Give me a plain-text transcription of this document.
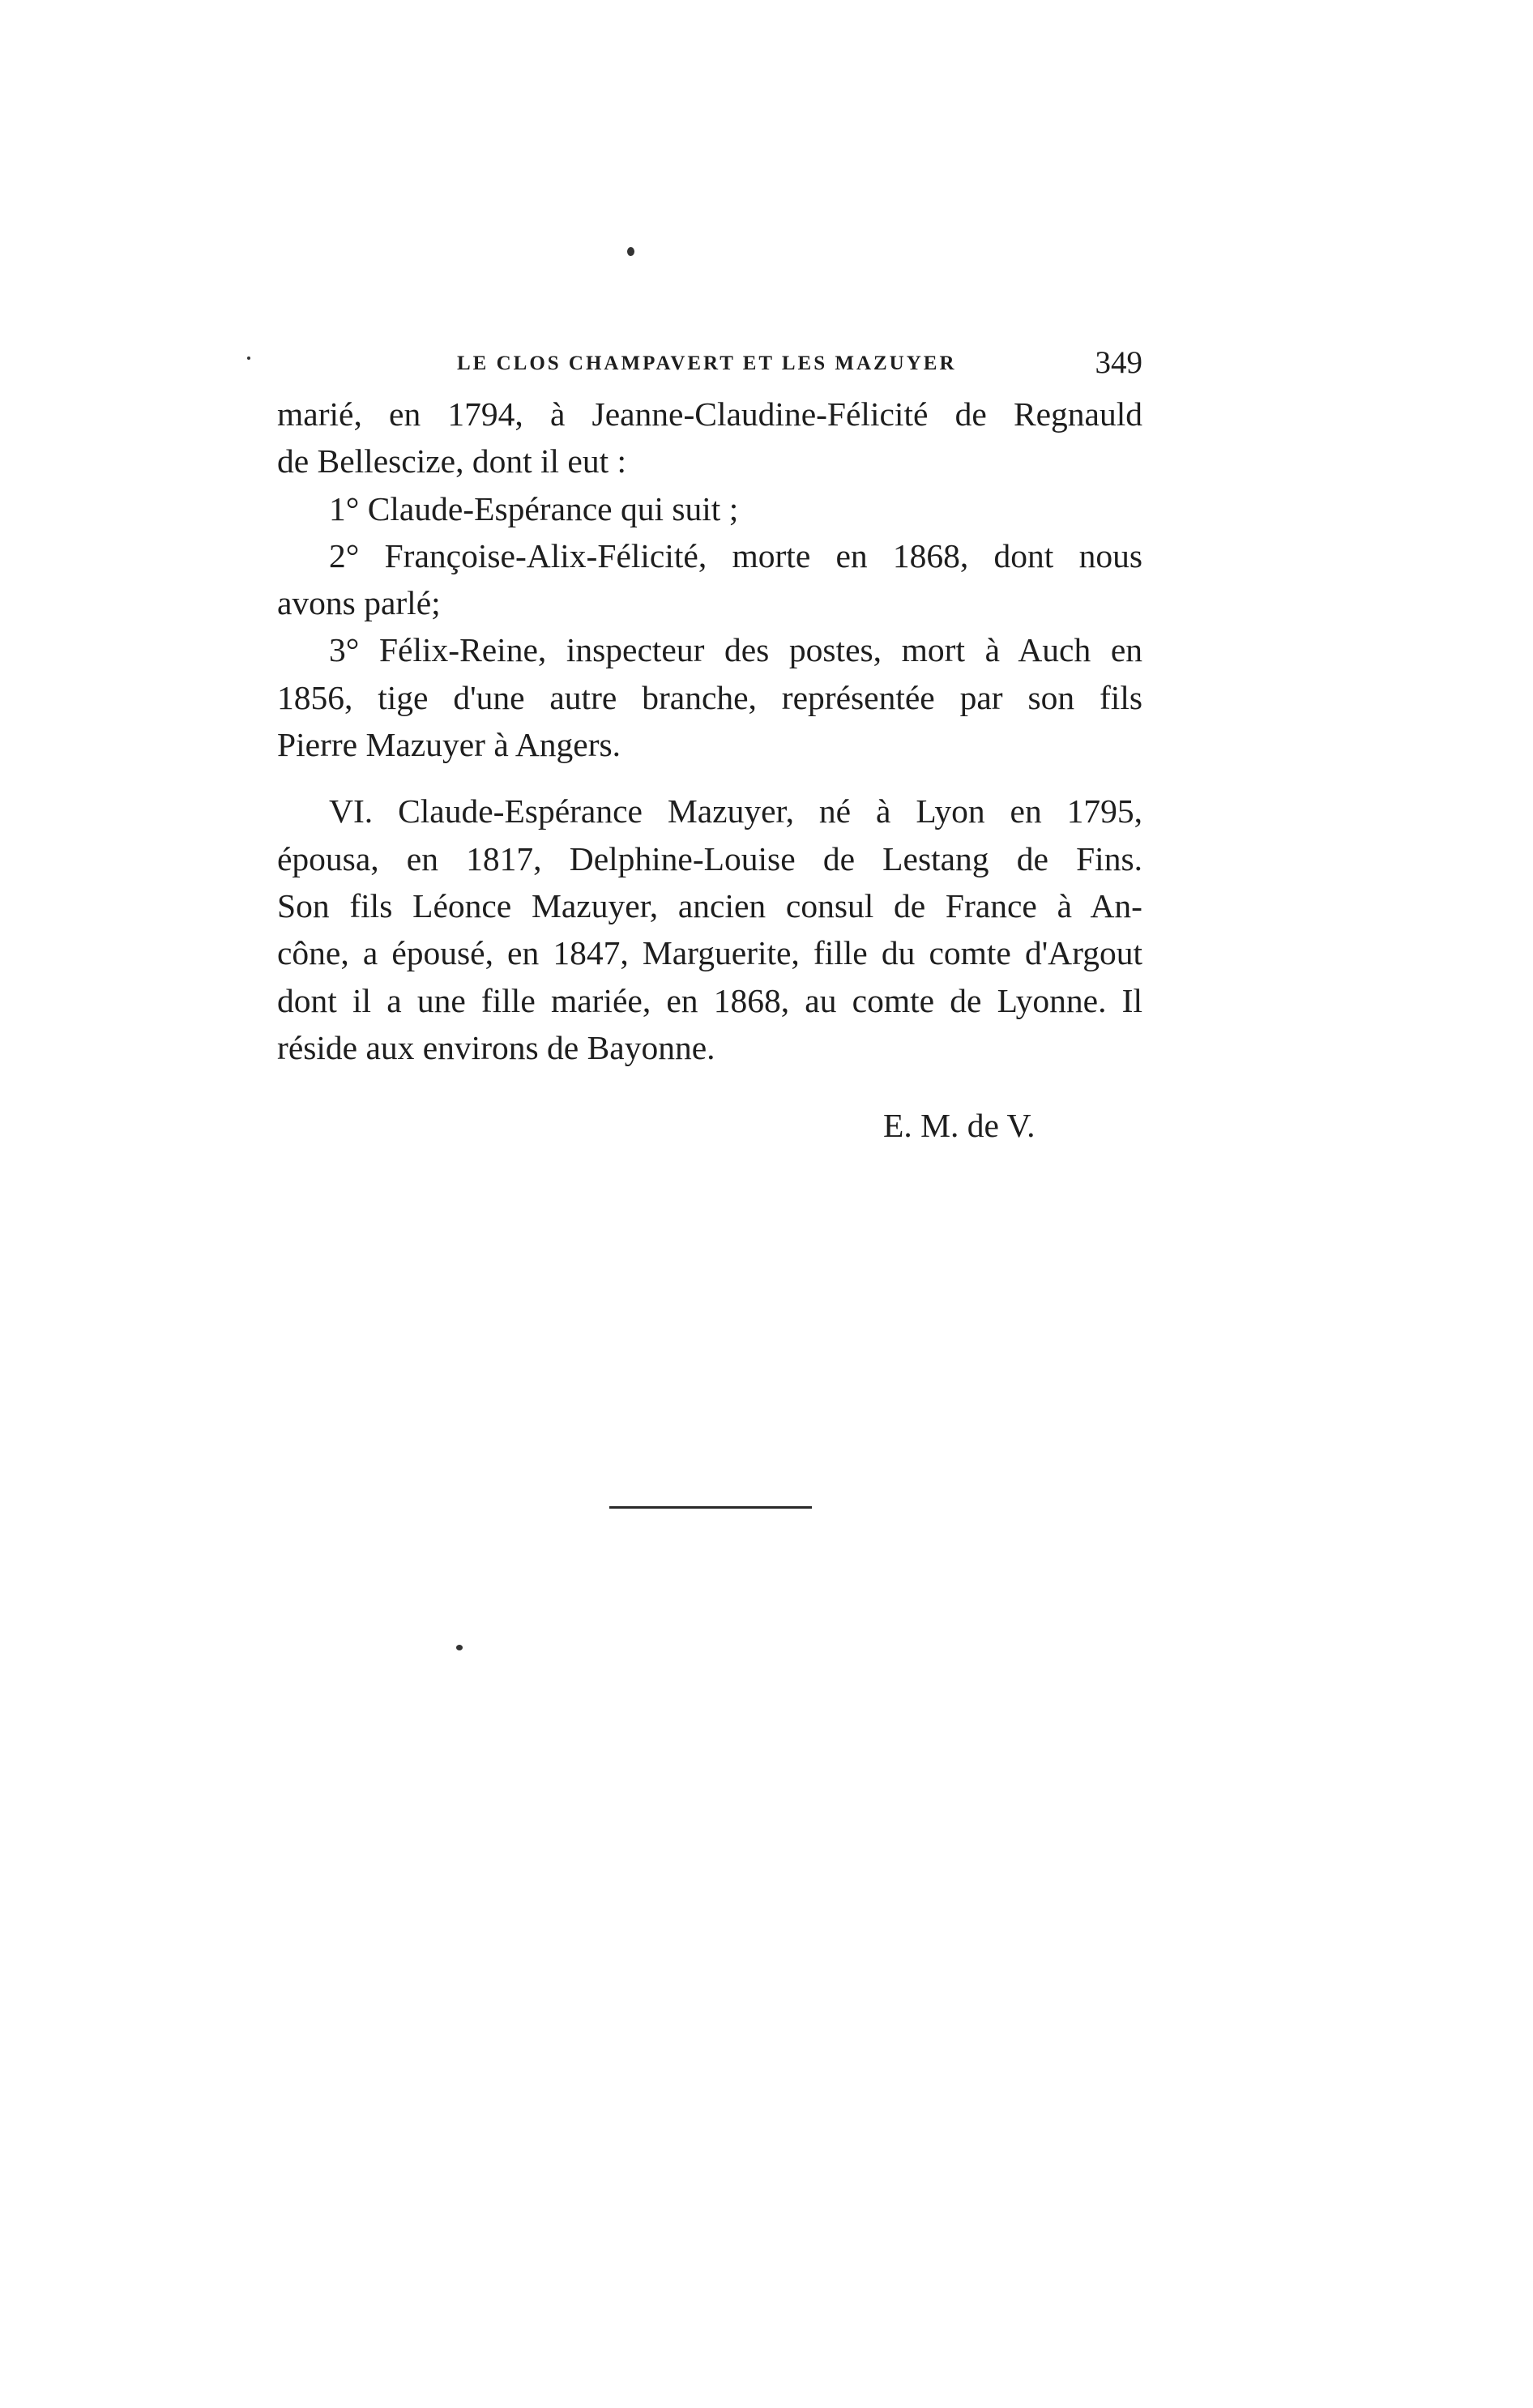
LE CLOS CHAMPAVERT ET LES MAZUYER	349
marié, en 1794, à Jeanne-Claudine-Félicité de Regnauld
de Bellescize, dont il eut :
1° Claude-Espérance qui suit ;
2° Françoise-Alix-Félicité, morte en 1868, dont nous
avons parlé;
3° Félix-Reine, inspecteur des postes, mort à Auch en
1856, tige d'une autre branche, représentée par son fils
Pierre Mazuyer à Angers.
VI. Claude-Espérance Mazuyer, né à Lyon en 1795,
épousa, en 1817, Delphine-Louise de Lestang de Fins.
Son fils Léonce Mazuyer, ancien consul de France à An-
cône, a épousé, en 1847, Marguerite, fille du comte d'Argout
dont il a une fille mariée, en 1868, au comte de Lyonne. Il
réside aux environs de Bayonne.
E. M. de V.
